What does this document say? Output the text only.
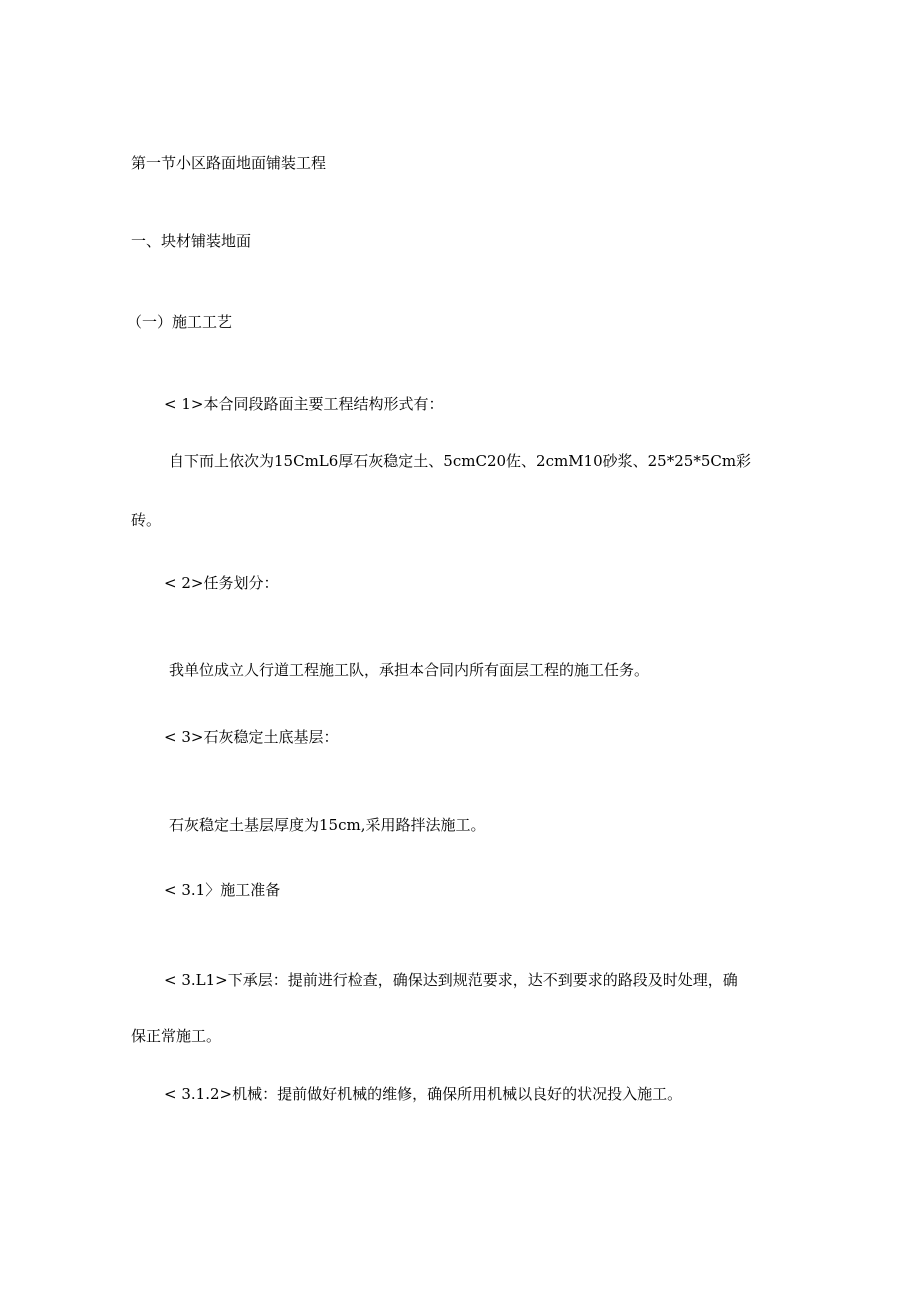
第一节小区路面地面铺装工程

一、块材铺装地面

（一）施工工艺

< 1>本合同段路面主要工程结构形式有：

自下而上依次为15CmL6厚石灰稳定土、5cmC20佐、2cmM10砂浆、25*25*5Cm彩

砖。

< 2>任务划分：

我单位成立人行道工程施工队，承担本合同内所有面层工程的施工任务。

< 3>石灰稳定土底基层：

石灰稳定土基层厚度为15cm,采用路拌法施工。

< 3.1〉施工准备

< 3.L1>下承层：提前进行检查，确保达到规范要求，达不到要求的路段及时处理，确

保正常施工。

< 3.1.2>机械：提前做好机械的维修，确保所用机械以良好的状况投入施工。
